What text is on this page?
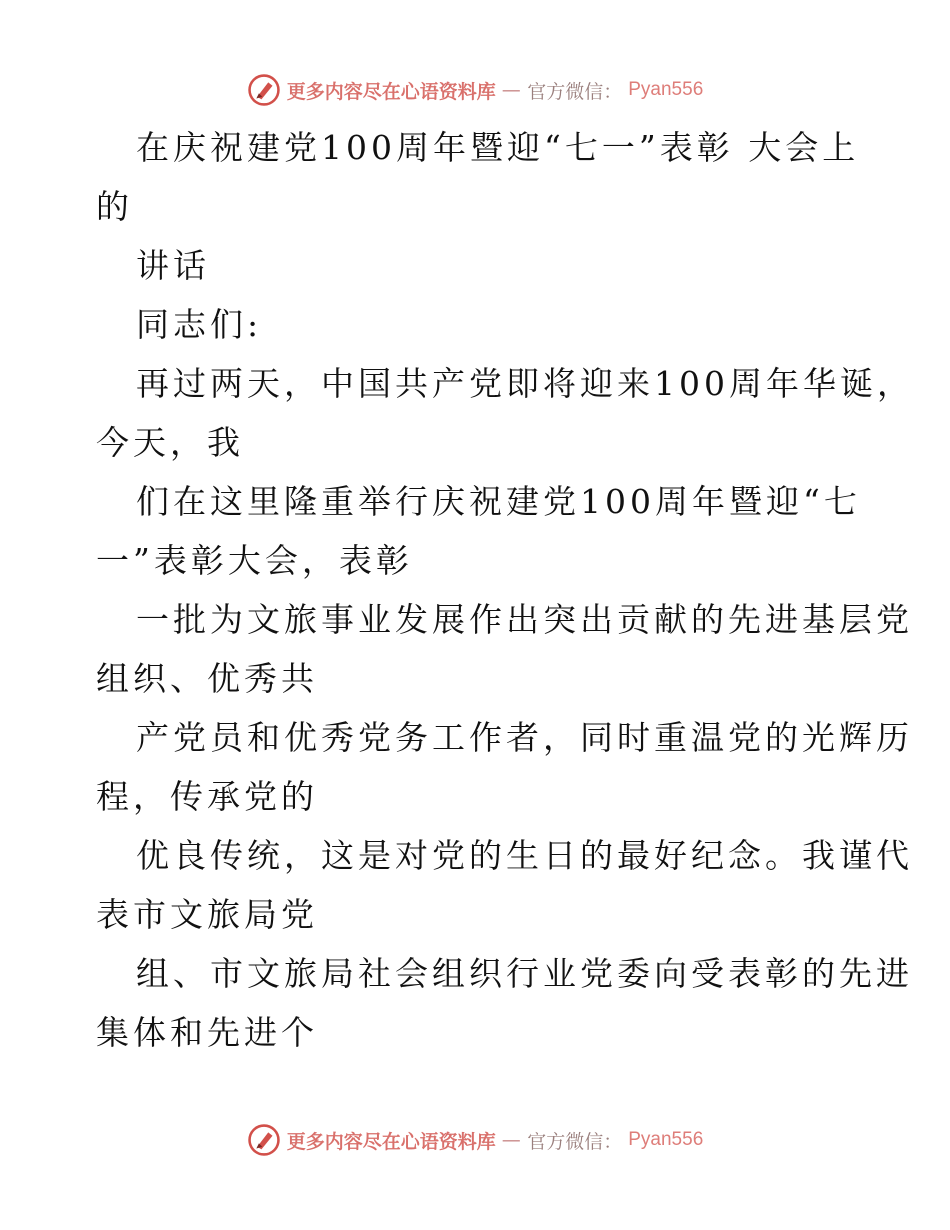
更多内容尽在心语资料库 — 官方微信： Pyan556
在庆祝建党100周年暨迎“七一”表彰 大会上
的
讲话
同志们:
再过两天，中国共产党即将迎来100周年华诞，
今天，我
们在这里隆重举行庆祝建党100周年暨迎“七
一”表彰大会，表彰
一批为文旅事业发展作出突出贡献的先进基层党
组织、优秀共
产党员和优秀党务工作者，同时重温党的光辉历
程，传承党的
优良传统，这是对党的生日的最好纪念。我谨代
表市文旅局党
组、市文旅局社会组织行业党委向受表彰的先进
集体和先进个
更多内容尽在心语资料库 — 官方微信： Pyan556
